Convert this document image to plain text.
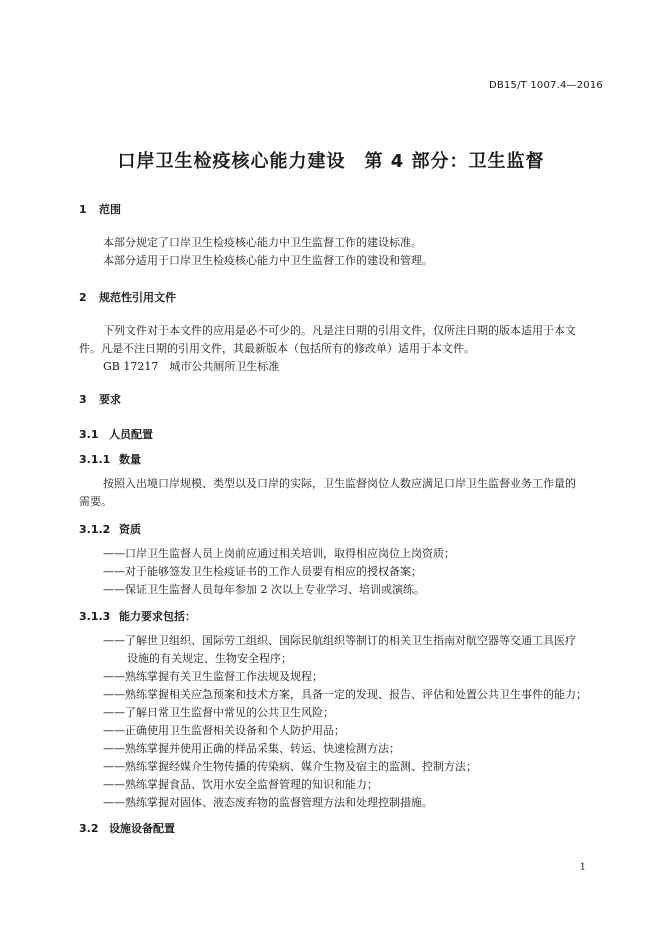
DB15/T 1007.4—2016
口岸卫生检疫核心能力建设　第 4 部分：卫生监督
1 范围
本部分规定了口岸卫生检疫核心能力中卫生监督工作的建设标准。
本部分适用于口岸卫生检疫核心能力中卫生监督工作的建设和管理。
2 规范性引用文件
下列文件对于本文件的应用是必不可少的。凡是注日期的引用文件，仅所注日期的版本适用于本文
件。凡是不注日期的引用文件，其最新版本（包括所有的修改单）适用于本文件。
GB 17217　城市公共厕所卫生标准
3 要求
3.1 人员配置
3.1.1 数量
按照入出境口岸规模、类型以及口岸的实际，卫生监督岗位人数应满足口岸卫生监督业务工作量的
需要。
3.1.2 资质
——口岸卫生监督人员上岗前应通过相关培训，取得相应岗位上岗资质；
——对于能够签发卫生检疫证书的工作人员要有相应的授权备案；
——保证卫生监督人员每年参加 2 次以上专业学习、培训或演练。
3.1.3 能力要求包括：
——了解世卫组织、国际劳工组织、国际民航组织等制订的相关卫生指南对航空器等交通工具医疗
设施的有关规定、生物安全程序；
——熟练掌握有关卫生监督工作法规及规程；
——熟练掌握相关应急预案和技术方案，具备一定的发现、报告、评估和处置公共卫生事件的能力；
——了解日常卫生监督中常见的公共卫生风险；
——正确使用卫生监督相关设备和个人防护用品；
——熟练掌握并使用正确的样品采集、转运、快速检测方法；
——熟练掌握经媒介生物传播的传染病、媒介生物及宿主的监测、控制方法；
——熟练掌握食品、饮用水安全监督管理的知识和能力；
——熟练掌握对固体、液态废弃物的监督管理方法和处理控制措施。
3.2 设施设备配置
1
